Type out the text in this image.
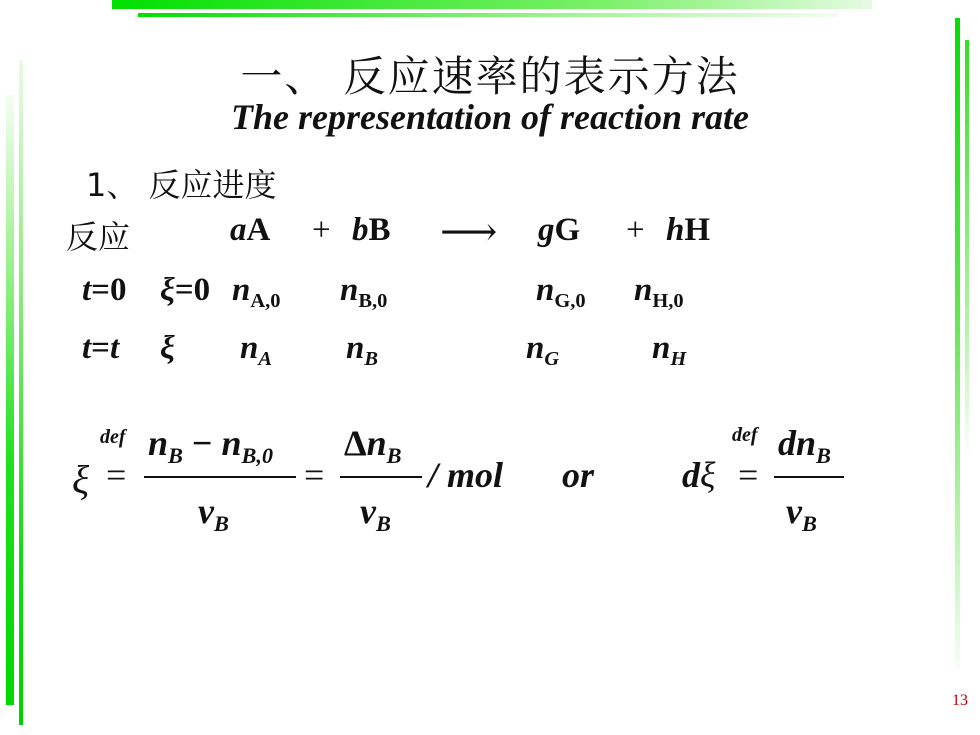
一、 反应速率的表示方法
The representation of reaction rate
1、 反应进度
反应	aA + bB ⟶ gG + hH
t=0 ξ=0 $n_{A,0}$ $n_{B,0}$	$n_{G,0}$ $n_{H,0}$
t=t ξ $n_A$ $n_B$	$n_G$	$n_H$
ξ
def
=
$n_B - n_{B,0}$
$\nu_B$
=
$\Delta n_B$
$\nu_B$
/ mol or dξ
def
=
$dn_B$
$\nu_B$
13
